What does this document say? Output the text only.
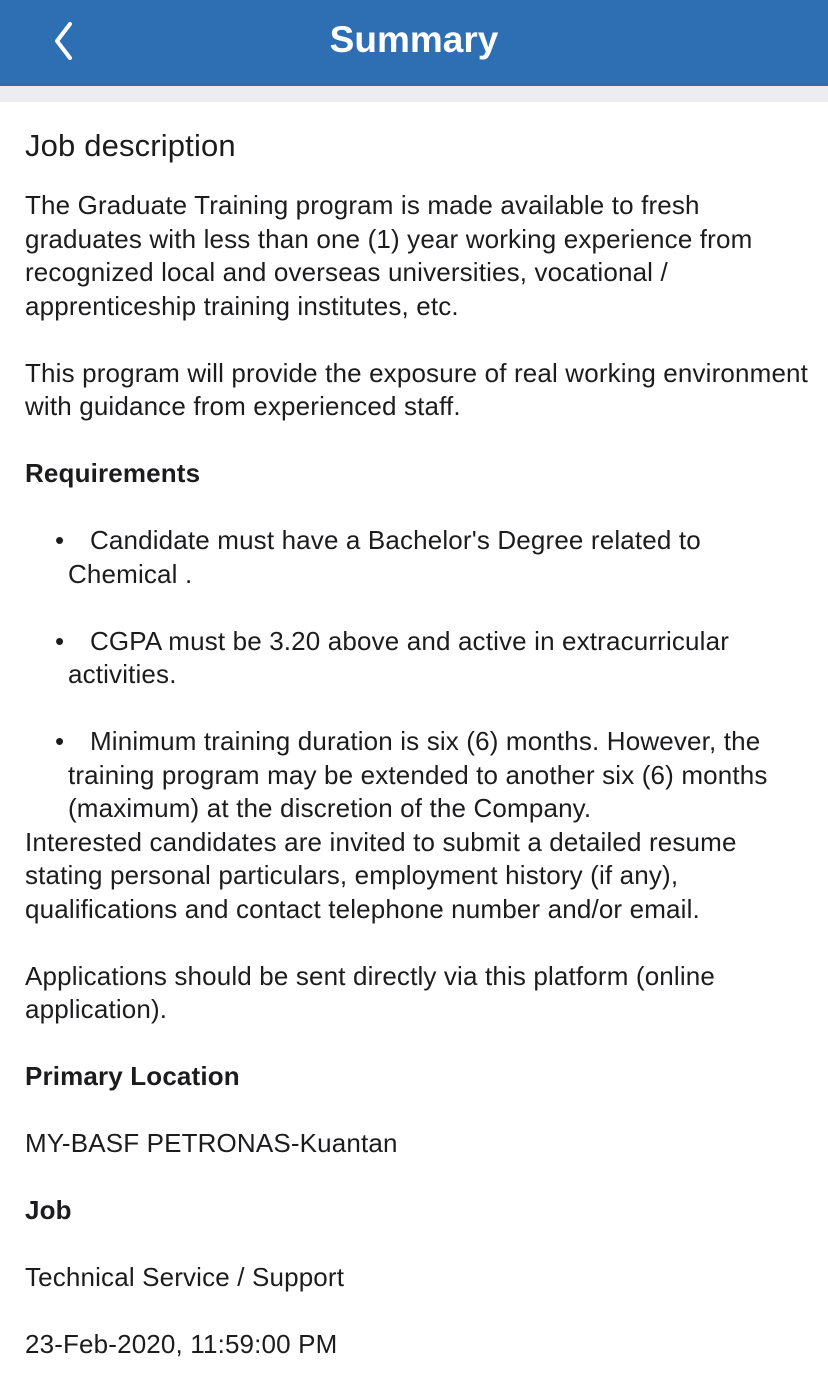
Summary
Job description

The Graduate Training program is made available to fresh graduates with less than one (1) year working experience from recognized local and overseas universities, vocational / apprenticeship training institutes, etc.

This program will provide the exposure of real working environment with guidance from experienced staff.

Requirements

• Candidate must have a Bachelor's Degree related to Chemical .
• CGPA must be 3.20 above and active in extracurricular activities.
• Minimum training duration is six (6) months. However, the training program may be extended to another six (6) months (maximum) at the discretion of the Company.

Interested candidates are invited to submit a detailed resume stating personal particulars, employment history (if any), qualifications and contact telephone number and/or email.

Applications should be sent directly via this platform (online application).

Primary Location

MY-BASF PETRONAS-Kuantan

Job

Technical Service / Support

23-Feb-2020, 11:59:00 PM
